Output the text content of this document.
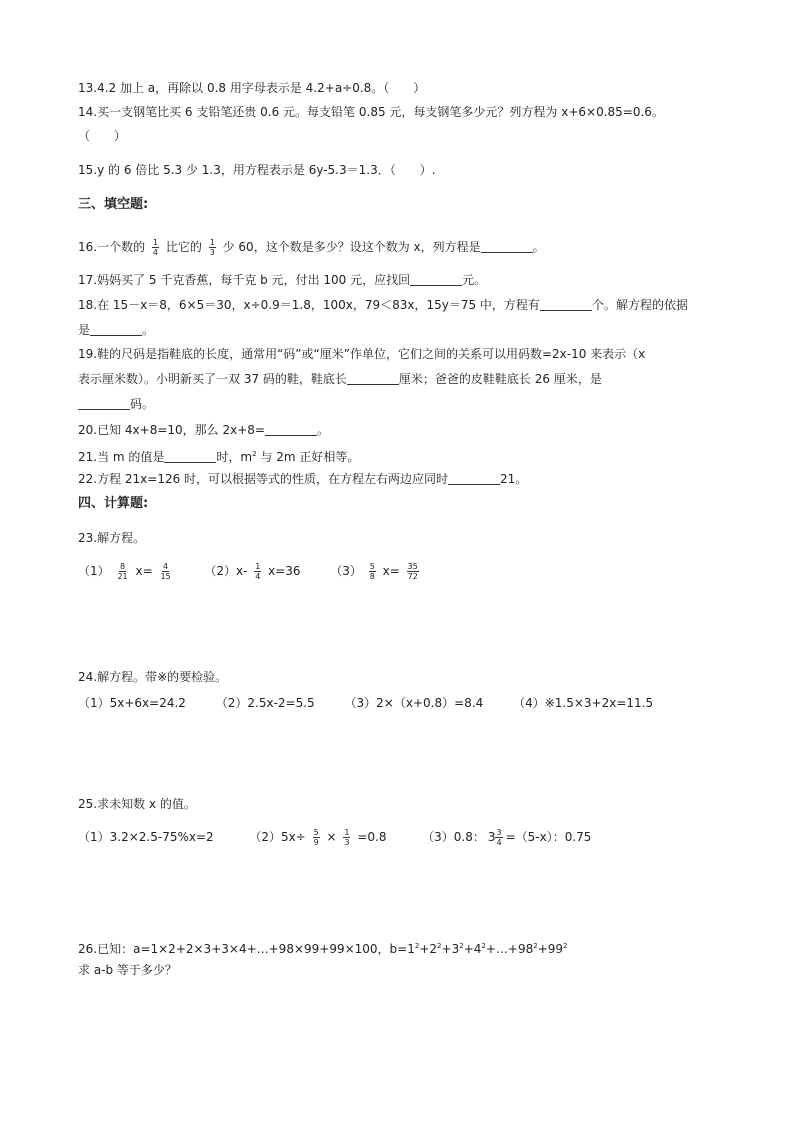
13.4.2 加上 a，再除以 0.8 用字母表示是 4.2+a÷0.8。（　　）
14.买一支钢笔比买 6 支铅笔还贵 0.6 元。每支铅笔 0.85 元，每支钢笔多少元？列方程为 x+6×0.85=0.6。
（　　）
15.y 的 6 倍比 5.3 少 1.3，用方程表示是 6y-5.3＝1.3．（　　）.
三、填空题:
16.一个数的 $\frac{1}{4}$ 比它的 $\frac{1}{3}$ 少 60，这个数是多少？设这个数为 x，列方程是	。
17.妈妈买了 5 千克香蕉，每千克 b 元，付出 100 元，应找回	元。
18.在 15－x＝8，6×5＝30，x÷0.9＝1.8，100x，79＜83x，15y＝75 中，方程有	个。解方程的依据
是	。
19.鞋的尺码是指鞋底的长度，通常用“码”或“厘米”作单位，它们之间的关系可以用码数=2x-10 来表示（x
表示厘米数）。小明新买了一双 37 码的鞋，鞋底长	厘米；爸爸的皮鞋鞋底长 26 厘米，是
码。
20.已知 4x+8=10，那么 2x+8=	。
21.当 m 的值是	时，$m^2$ 与 2m 正好相等。
22.方程 21x=126 时，可以根据等式的性质，在方程左右两边应同时	21。
四、计算题:
23.解方程。
$(1) \frac{8}{21} x= \frac{4}{15}$	$(2)x- \frac{1}{4} x=36$ $(3) \frac{5}{8} x= \frac{35}{72}$
24.解方程。带※的要检验。
（1）5x+6x=24.2 （2）2.5x-2=5.5 （3）2×（x+0.8）=8.4 （4）※1.5×3+2x=11.5
25.求未知数 x 的值。
（1）3.2×2.5-75%x=2	$(2)5x\div \frac{5}{9} \times \frac{1}{3} =0.8$	（3）0.8： $3 \frac{3}{4} =(5-x)$：0.75
26.已知：a=1×2+2×3+3×4+…+98×99+99×100，$b=1^2+2^2+3^2+4^2+\dots+98^2+99^2$
求 a-b 等于多少？
